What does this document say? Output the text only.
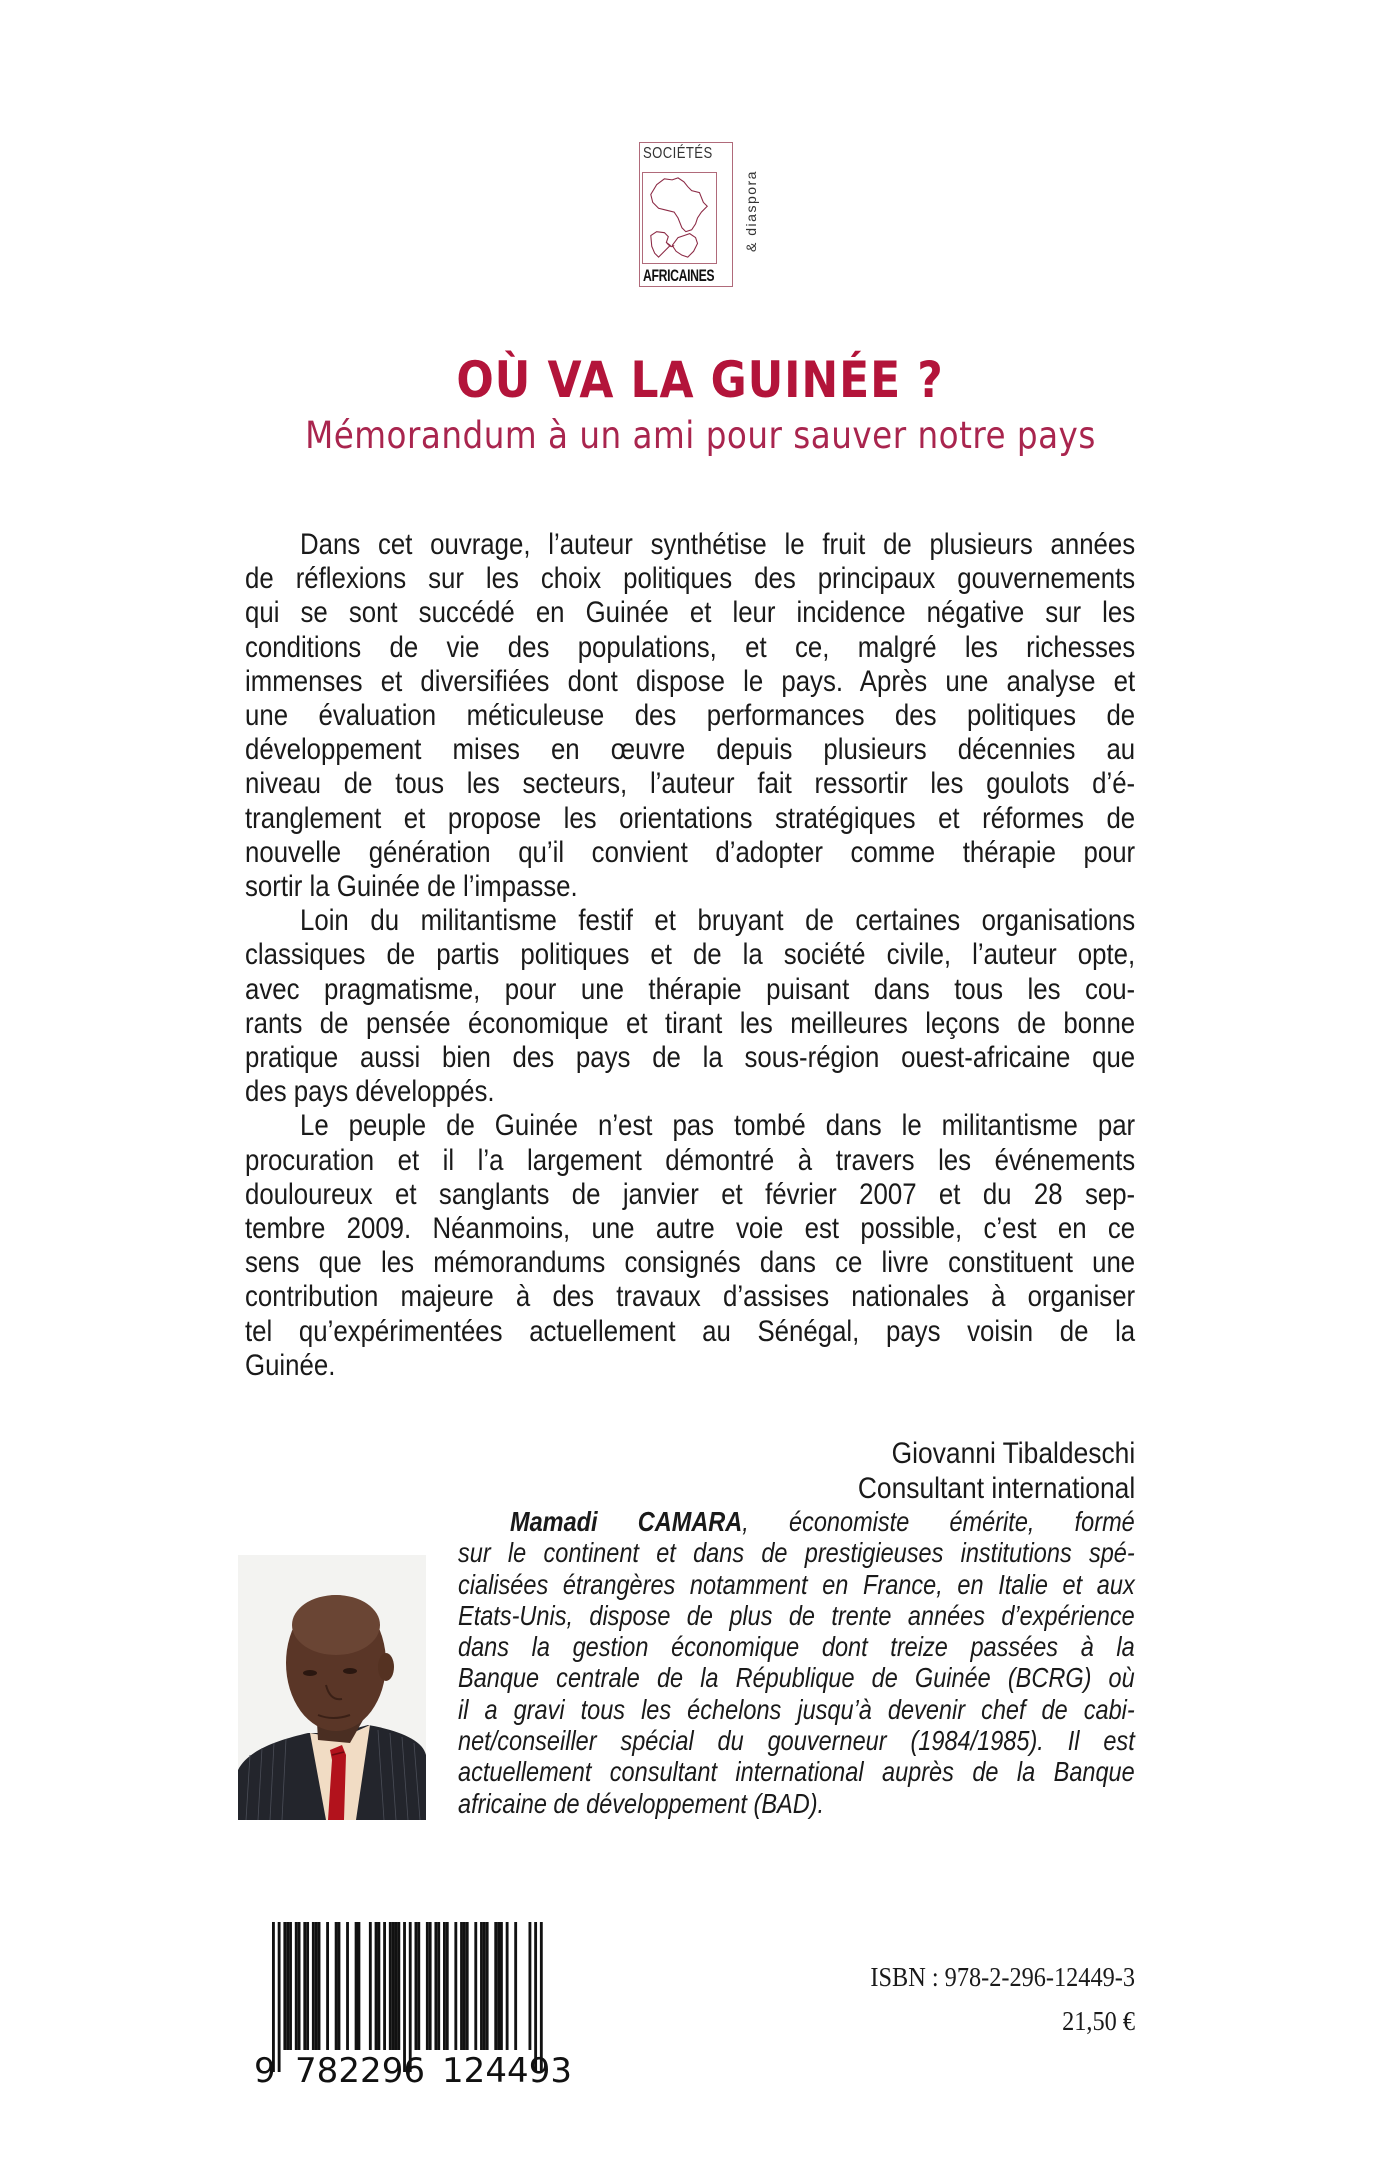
SOCIÉTÉS
AFRICAINES
& diaspora
OÙ VA LA GUINÉE ?
Mémorandum à un ami pour sauver notre pays
Dans cet ouvrage, l’auteur synthétise le fruit de plusieurs années
de réflexions sur les choix politiques des principaux gouvernements
qui se sont succédé en Guinée et leur incidence négative sur les
conditions de vie des populations, et ce, malgré les richesses
immenses et diversifiées dont dispose le pays. Après une analyse et
une évaluation méticuleuse des performances des politiques de
développement mises en œuvre depuis plusieurs décennies au
niveau de tous les secteurs, l’auteur fait ressortir les goulots d’é-
tranglement et propose les orientations stratégiques et réformes de
nouvelle génération qu’il convient d’adopter comme thérapie pour
sortir la Guinée de l’impasse.
Loin du militantisme festif et bruyant de certaines organisations
classiques de partis politiques et de la société civile, l’auteur opte,
avec pragmatisme, pour une thérapie puisant dans tous les cou-
rants de pensée économique et tirant les meilleures leçons de bonne
pratique aussi bien des pays de la sous-région ouest-africaine que
des pays développés.
Le peuple de Guinée n’est pas tombé dans le militantisme par
procuration et il l’a largement démontré à travers les événements
douloureux et sanglants de janvier et février 2007 et du 28 sep-
tembre 2009. Néanmoins, une autre voie est possible, c’est en ce
sens que les mémorandums consignés dans ce livre constituent une
contribution majeure à des travaux d’assises nationales à organiser
tel qu’expérimentées actuellement au Sénégal, pays voisin de la
Guinée.
Giovanni Tibaldeschi
Consultant international
Mamadi CAMARA, économiste émérite, formé
sur le continent et dans de prestigieuses institutions spé-
cialisées étrangères notamment en France, en Italie et aux
Etats-Unis, dispose de plus de trente années d’expérience
dans la gestion économique dont treize passées à la
Banque centrale de la République de Guinée (BCRG) où
il a gravi tous les échelons jusqu’à devenir chef de cabi-
net/conseiller spécial du gouverneur (1984/1985). Il est
actuellement consultant international auprès de la Banque
africaine de développement (BAD).
9 782296 124493
ISBN : 978-2-296-12449-3
21,50 €
